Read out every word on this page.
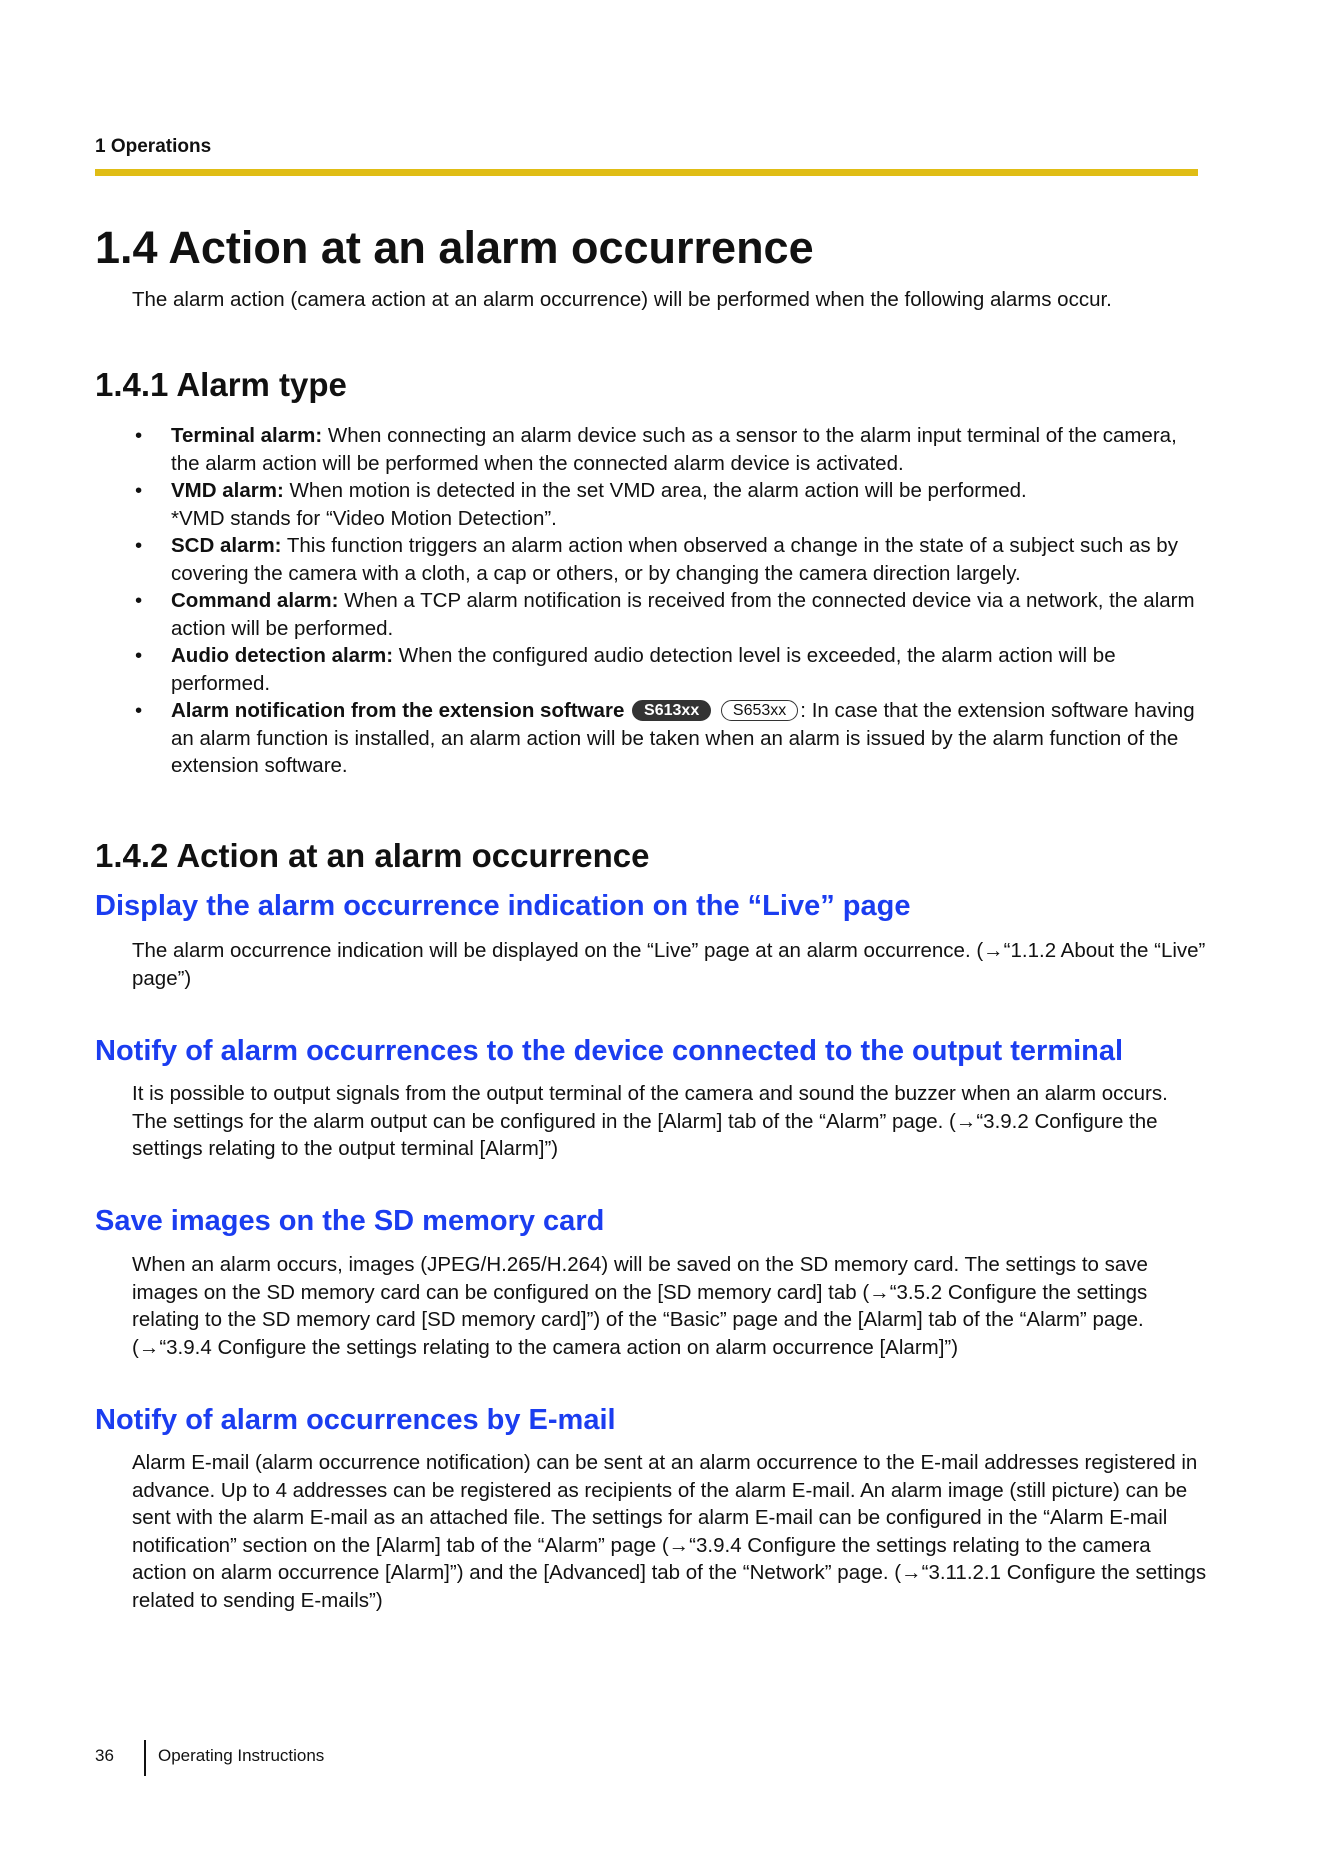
1 Operations
1.4 Action at an alarm occurrence

The alarm action (camera action at an alarm occurrence) will be performed when the following alarms occur.

1.4.1 Alarm type
• Terminal alarm: When connecting an alarm device such as a sensor to the alarm input terminal of the camera, the alarm action will be performed when the connected alarm device is activated.
• VMD alarm: When motion is detected in the set VMD area, the alarm action will be performed.
*VMD stands for “Video Motion Detection”.
• SCD alarm: This function triggers an alarm action when observed a change in the state of a subject such as by covering the camera with a cloth, a cap or others, or by changing the camera direction largely.
• Command alarm: When a TCP alarm notification is received from the connected device via a network, the alarm action will be performed.
• Audio detection alarm: When the configured audio detection level is exceeded, the alarm action will be performed.
• Alarm notification from the extension software S613xx S653xx : In case that the extension software having an alarm function is installed, an alarm action will be taken when an alarm is issued by the alarm function of the extension software.
1.4.2 Action at an alarm occurrence
Display the alarm occurrence indication on the “Live” page

The alarm occurrence indication will be displayed on the “Live” page at an alarm occurrence. (→“1.1.2 About the “Live” page”)

Notify of alarm occurrences to the device connected to the output terminal

It is possible to output signals from the output terminal of the camera and sound the buzzer when an alarm occurs. The settings for the alarm output can be configured in the [Alarm] tab of the “Alarm” page. (→“3.9.2 Configure the settings relating to the output terminal [Alarm]”)

Save images on the SD memory card

When an alarm occurs, images (JPEG/H.265/H.264) will be saved on the SD memory card. The settings to save images on the SD memory card can be configured on the [SD memory card] tab (→“3.5.2 Configure the settings relating to the SD memory card [SD memory card]”) of the “Basic” page and the [Alarm] tab of the “Alarm” page. (→“3.9.4 Configure the settings relating to the camera action on alarm occurrence [Alarm]”)

Notify of alarm occurrences by E-mail

Alarm E-mail (alarm occurrence notification) can be sent at an alarm occurrence to the E-mail addresses registered in advance. Up to 4 addresses can be registered as recipients of the alarm E-mail. An alarm image (still picture) can be sent with the alarm E-mail as an attached file. The settings for alarm E-mail can be configured in the “Alarm E-mail notification” section on the [Alarm] tab of the “Alarm” page (→“3.9.4 Configure the settings relating to the camera action on alarm occurrence [Alarm]”) and the [Advanced] tab of the “Network” page. (→“3.11.2.1 Configure the settings related to sending E-mails”)

36	Operating Instructions
